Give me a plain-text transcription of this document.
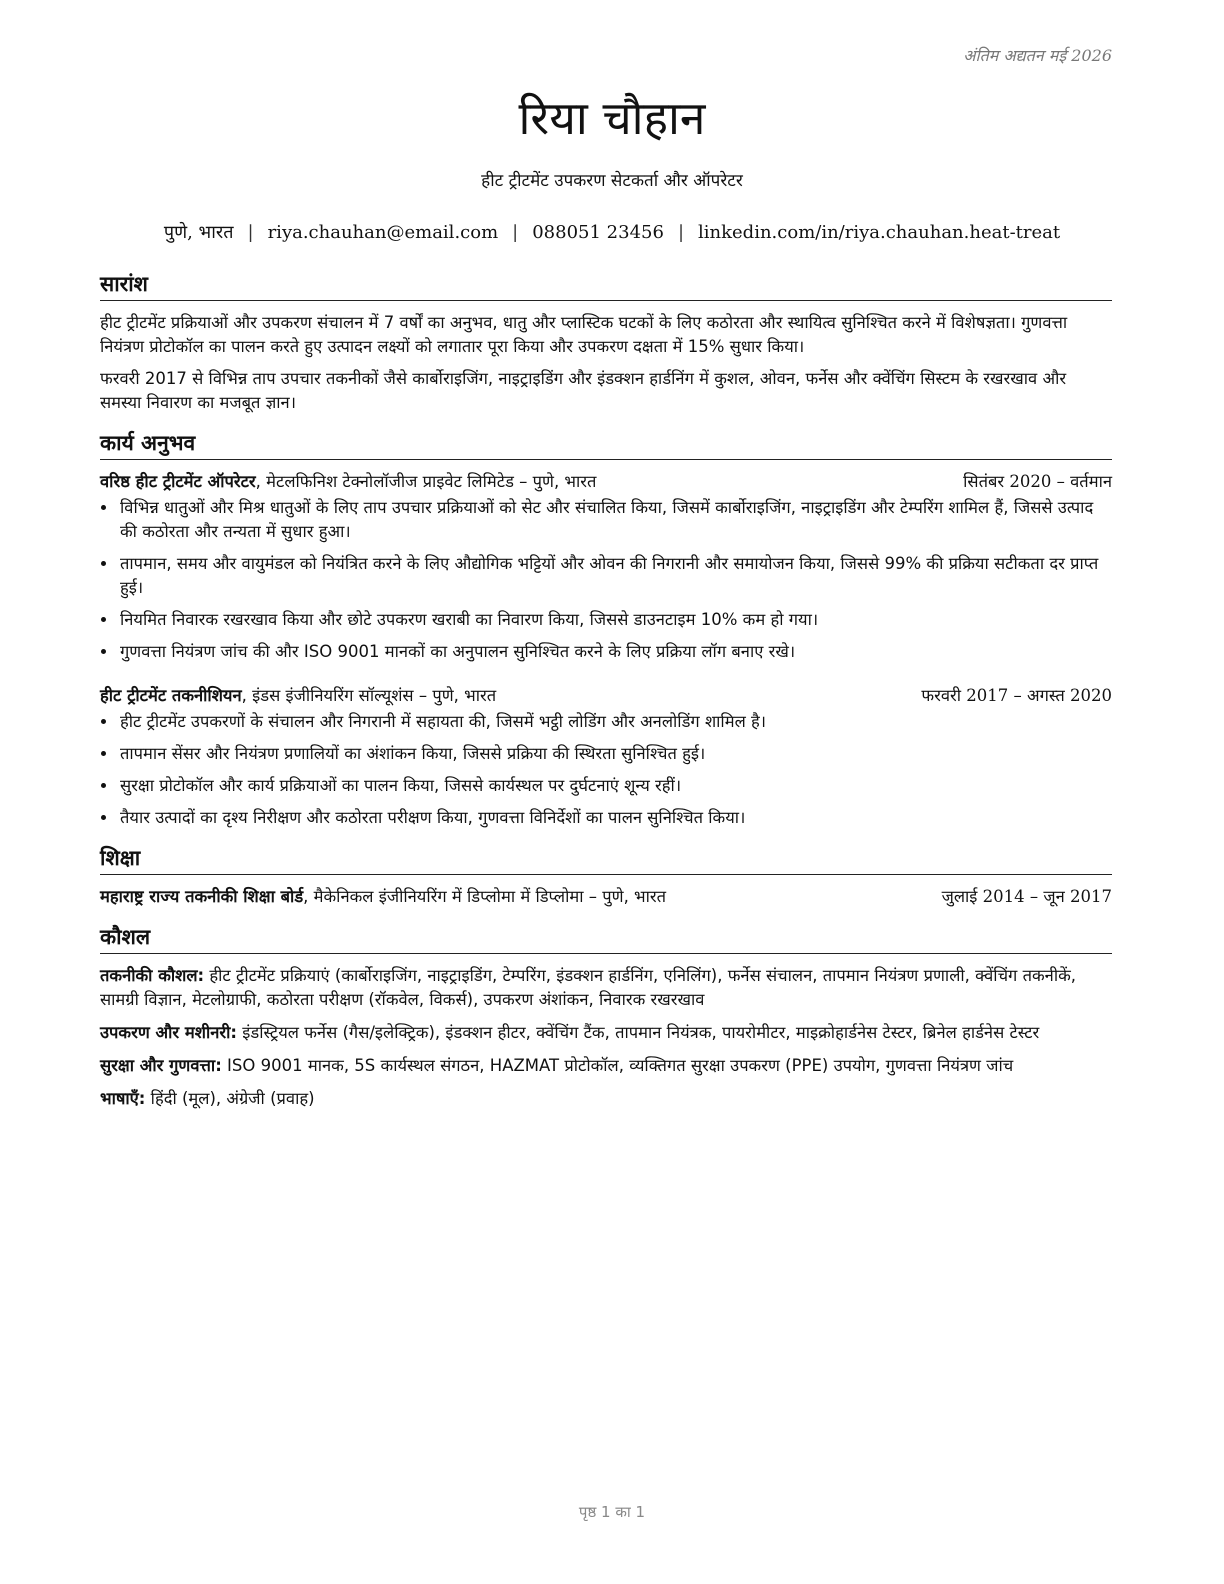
अंतिम अद्यतन मई 2026
रिया चौहान
हीट ट्रीटमेंट उपकरण सेटकर्ता और ऑपरेटर
पुणे, भारत | riya.chauhan@email.com | 088051 23456 | linkedin.com/in/riya.chauhan.heat-treat
सारांश

हीट ट्रीटमेंट प्रक्रियाओं और उपकरण संचालन में 7 वर्षों का अनुभव, धातु और प्लास्टिक घटकों के लिए कठोरता और स्थायित्व सुनिश्चित करने में विशेषज्ञता। गुणवत्ता नियंत्रण प्रोटोकॉल का पालन करते हुए उत्पादन लक्ष्यों को लगातार पूरा किया और उपकरण दक्षता में 15% सुधार किया।

फरवरी 2017 से विभिन्न ताप उपचार तकनीकों जैसे कार्बोराइजिंग, नाइट्राइडिंग और इंडक्शन हार्डनिंग में कुशल, ओवन, फर्नेस और क्वेंचिंग सिस्टम के रखरखाव और समस्या निवारण का मजबूत ज्ञान।

कार्य अनुभव
वरिष्ठ हीट ट्रीटमेंट ऑपरेटर, मेटलफिनिश टेक्नोलॉजीज प्राइवेट लिमिटेड – पुणे, भारत	सितंबर 2020 – वर्तमान
• विभिन्न धातुओं और मिश्र धातुओं के लिए ताप उपचार प्रक्रियाओं को सेट और संचालित किया, जिसमें कार्बोराइजिंग, नाइट्राइडिंग और टेम्परिंग शामिल हैं, जिससे उत्पाद की कठोरता और तन्यता में सुधार हुआ।
• तापमान, समय और वायुमंडल को नियंत्रित करने के लिए औद्योगिक भट्टियों और ओवन की निगरानी और समायोजन किया, जिससे 99% की प्रक्रिया सटीकता दर प्राप्त हुई।
• नियमित निवारक रखरखाव किया और छोटे उपकरण खराबी का निवारण किया, जिससे डाउनटाइम 10% कम हो गया।
• गुणवत्ता नियंत्रण जांच की और ISO 9001 मानकों का अनुपालन सुनिश्चित करने के लिए प्रक्रिया लॉग बनाए रखे।
हीट ट्रीटमेंट तकनीशियन, इंडस इंजीनियरिंग सॉल्यूशंस – पुणे, भारत	फरवरी 2017 – अगस्त 2020
• हीट ट्रीटमेंट उपकरणों के संचालन और निगरानी में सहायता की, जिसमें भट्ठी लोडिंग और अनलोडिंग शामिल है।
• तापमान सेंसर और नियंत्रण प्रणालियों का अंशांकन किया, जिससे प्रक्रिया की स्थिरता सुनिश्चित हुई।
• सुरक्षा प्रोटोकॉल और कार्य प्रक्रियाओं का पालन किया, जिससे कार्यस्थल पर दुर्घटनाएं शून्य रहीं।
• तैयार उत्पादों का दृश्य निरीक्षण और कठोरता परीक्षण किया, गुणवत्ता विनिर्देशों का पालन सुनिश्चित किया।
शिक्षा
महाराष्ट्र राज्य तकनीकी शिक्षा बोर्ड, मैकेनिकल इंजीनियरिंग में डिप्लोमा में डिप्लोमा – पुणे, भारत	जुलाई 2014 – जून 2017
कौशल

तकनीकी कौशल: हीट ट्रीटमेंट प्रक्रियाएं (कार्बोराइजिंग, नाइट्राइडिंग, टेम्परिंग, इंडक्शन हार्डनिंग, एनिलिंग), फर्नेस संचालन, तापमान नियंत्रण प्रणाली, क्वेंचिंग तकनीकें, सामग्री विज्ञान, मेटलोग्राफी, कठोरता परीक्षण (रॉकवेल, विकर्स), उपकरण अंशांकन, निवारक रखरखाव

उपकरण और मशीनरी: इंडस्ट्रियल फर्नेस (गैस/इलेक्ट्रिक), इंडक्शन हीटर, क्वेंचिंग टैंक, तापमान नियंत्रक, पायरोमीटर, माइक्रोहार्डनेस टेस्टर, ब्रिनेल हार्डनेस टेस्टर

सुरक्षा और गुणवत्ता: ISO 9001 मानक, 5S कार्यस्थल संगठन, HAZMAT प्रोटोकॉल, व्यक्तिगत सुरक्षा उपकरण (PPE) उपयोग, गुणवत्ता नियंत्रण जांच

भाषाएँ: हिंदी (मूल), अंग्रेजी (प्रवाह)

पृष्ठ 1 का 1
